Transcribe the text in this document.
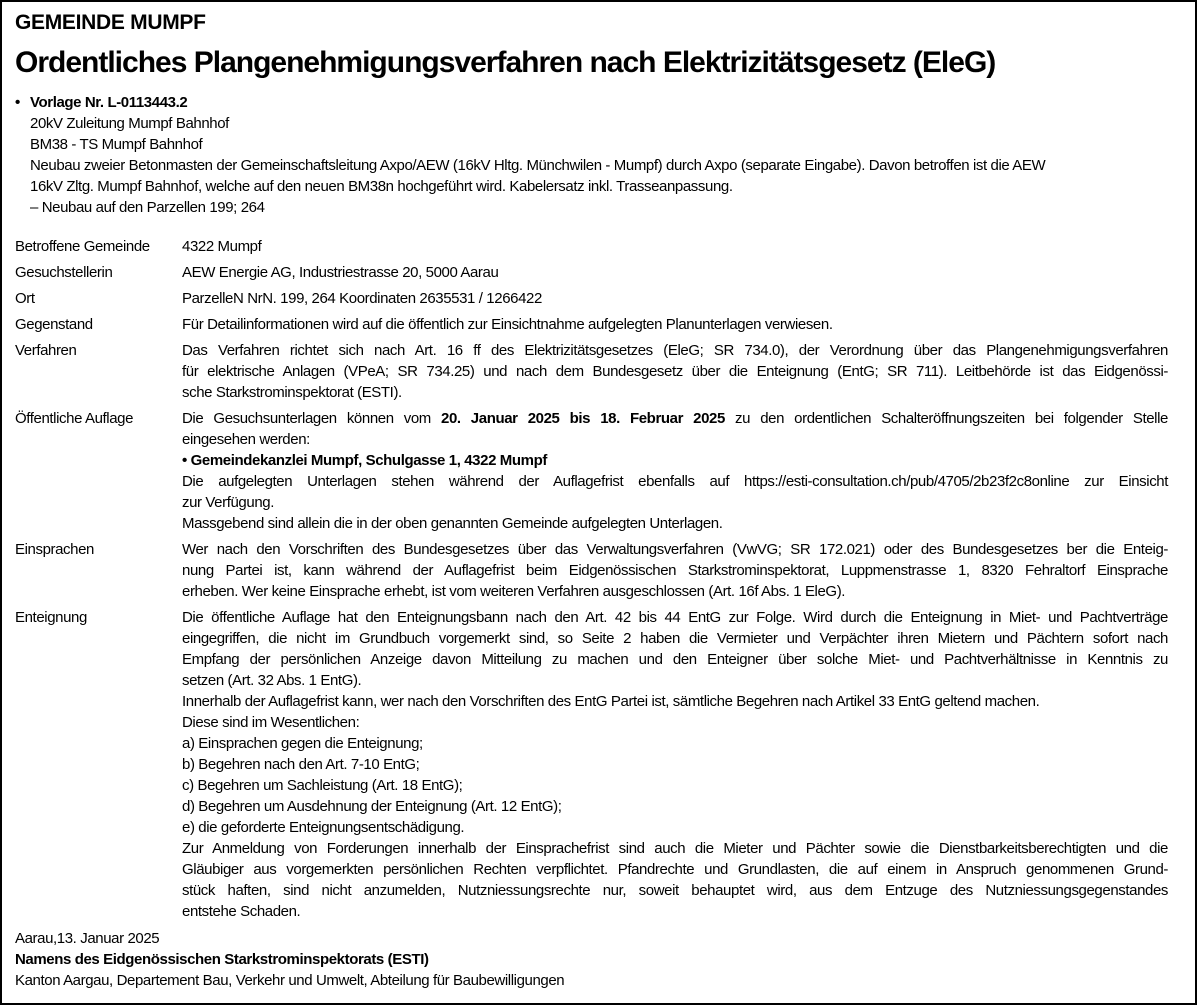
GEMEINDE MUMPF
Ordentliches Plangenehmigungsverfahren nach Elektrizitätsgesetz (EleG)
• Vorlage Nr. L-0113443.2
20kV Zuleitung Mumpf Bahnhof
BM38 - TS Mumpf Bahnhof
Neubau zweier Betonmasten der Gemeinschaftsleitung Axpo/AEW (16kV Hltg. Münchwilen - Mumpf) durch Axpo (separate Eingabe). Davon betroffen ist die AEW
16kV Zltg. Mumpf Bahnhof, welche auf den neuen BM38n hochgeführt wird. Kabelersatz inkl. Trasseanpassung.
– Neubau auf den Parzellen 199; 264
Betroffene Gemeinde	4322 Mumpf
Gesuchstellerin	AEW Energie AG, Industriestrasse 20, 5000 Aarau
Ort	ParzelleN NrN. 199, 264 Koordinaten 2635531 / 1266422
Gegenstand	Für Detailinformationen wird auf die öffentlich zur Einsichtnahme aufgelegten Planunterlagen verwiesen.
Verfahren	Das Verfahren richtet sich nach Art. 16 ff des Elektrizitätsgesetzes (EleG; SR 734.0), der Verordnung über das Plangenehmigungsverfahren
für elektrische Anlagen (VPeA; SR 734.25) und nach dem Bundesgesetz über die Enteignung (EntG; SR 711). Leitbehörde ist das Eidgenössi-
sche Starkstrominspektorat (ESTI).
Öffentliche Auflage	Die Gesuchsunterlagen können vom 20. Januar 2025 bis 18. Februar 2025 zu den ordentlichen Schalteröffnungszeiten bei folgender Stelle
eingesehen werden:
• Gemeindekanzlei Mumpf, Schulgasse 1, 4322 Mumpf
Die aufgelegten Unterlagen stehen während der Auflagefrist ebenfalls auf https://esti-consultation.ch/pub/4705/2b23f2c8online zur Einsicht
zur Verfügung.
Massgebend sind allein die in der oben genannten Gemeinde aufgelegten Unterlagen.
Einsprachen	Wer nach den Vorschriften des Bundesgesetzes über das Verwaltungsverfahren (VwVG; SR 172.021) oder des Bundesgesetzes ber die Enteig-
nung Partei ist, kann während der Auflagefrist beim Eidgenössischen Starkstrominspektorat, Luppmenstrasse 1, 8320 Fehraltorf Einsprache
erheben. Wer keine Einsprache erhebt, ist vom weiteren Verfahren ausgeschlossen (Art. 16f Abs. 1 EleG).
Enteignung	Die öffentliche Auflage hat den Enteignungsbann nach den Art. 42 bis 44 EntG zur Folge. Wird durch die Enteignung in Miet- und Pachtverträge
eingegriffen, die nicht im Grundbuch vorgemerkt sind, so Seite 2 haben die Vermieter und Verpächter ihren Mietern und Pächtern sofort nach
Empfang der persönlichen Anzeige davon Mitteilung zu machen und den Enteigner über solche Miet- und Pachtverhältnisse in Kenntnis zu
setzen (Art. 32 Abs. 1 EntG).
Innerhalb der Auflagefrist kann, wer nach den Vorschriften des EntG Partei ist, sämtliche Begehren nach Artikel 33 EntG geltend machen.
Diese sind im Wesentlichen:
a) Einsprachen gegen die Enteignung;
b) Begehren nach den Art. 7-10 EntG;
c) Begehren um Sachleistung (Art. 18 EntG);
d) Begehren um Ausdehnung der Enteignung (Art. 12 EntG);
e) die geforderte Enteignungsentschädigung.
Zur Anmeldung von Forderungen innerhalb der Einsprachefrist sind auch die Mieter und Pächter sowie die Dienstbarkeitsberechtigten und die
Gläubiger aus vorgemerkten persönlichen Rechten verpflichtet. Pfandrechte und Grundlasten, die auf einem in Anspruch genommenen Grund-
stück haften, sind nicht anzumelden, Nutzniessungsrechte nur, soweit behauptet wird, aus dem Entzuge des Nutzniessungsgegenstandes
entstehe Schaden.
Aarau,13. Januar 2025
Namens des Eidgenössischen Starkstrominspektorats (ESTI)
Kanton Aargau, Departement Bau, Verkehr und Umwelt, Abteilung für Baubewilligungen
